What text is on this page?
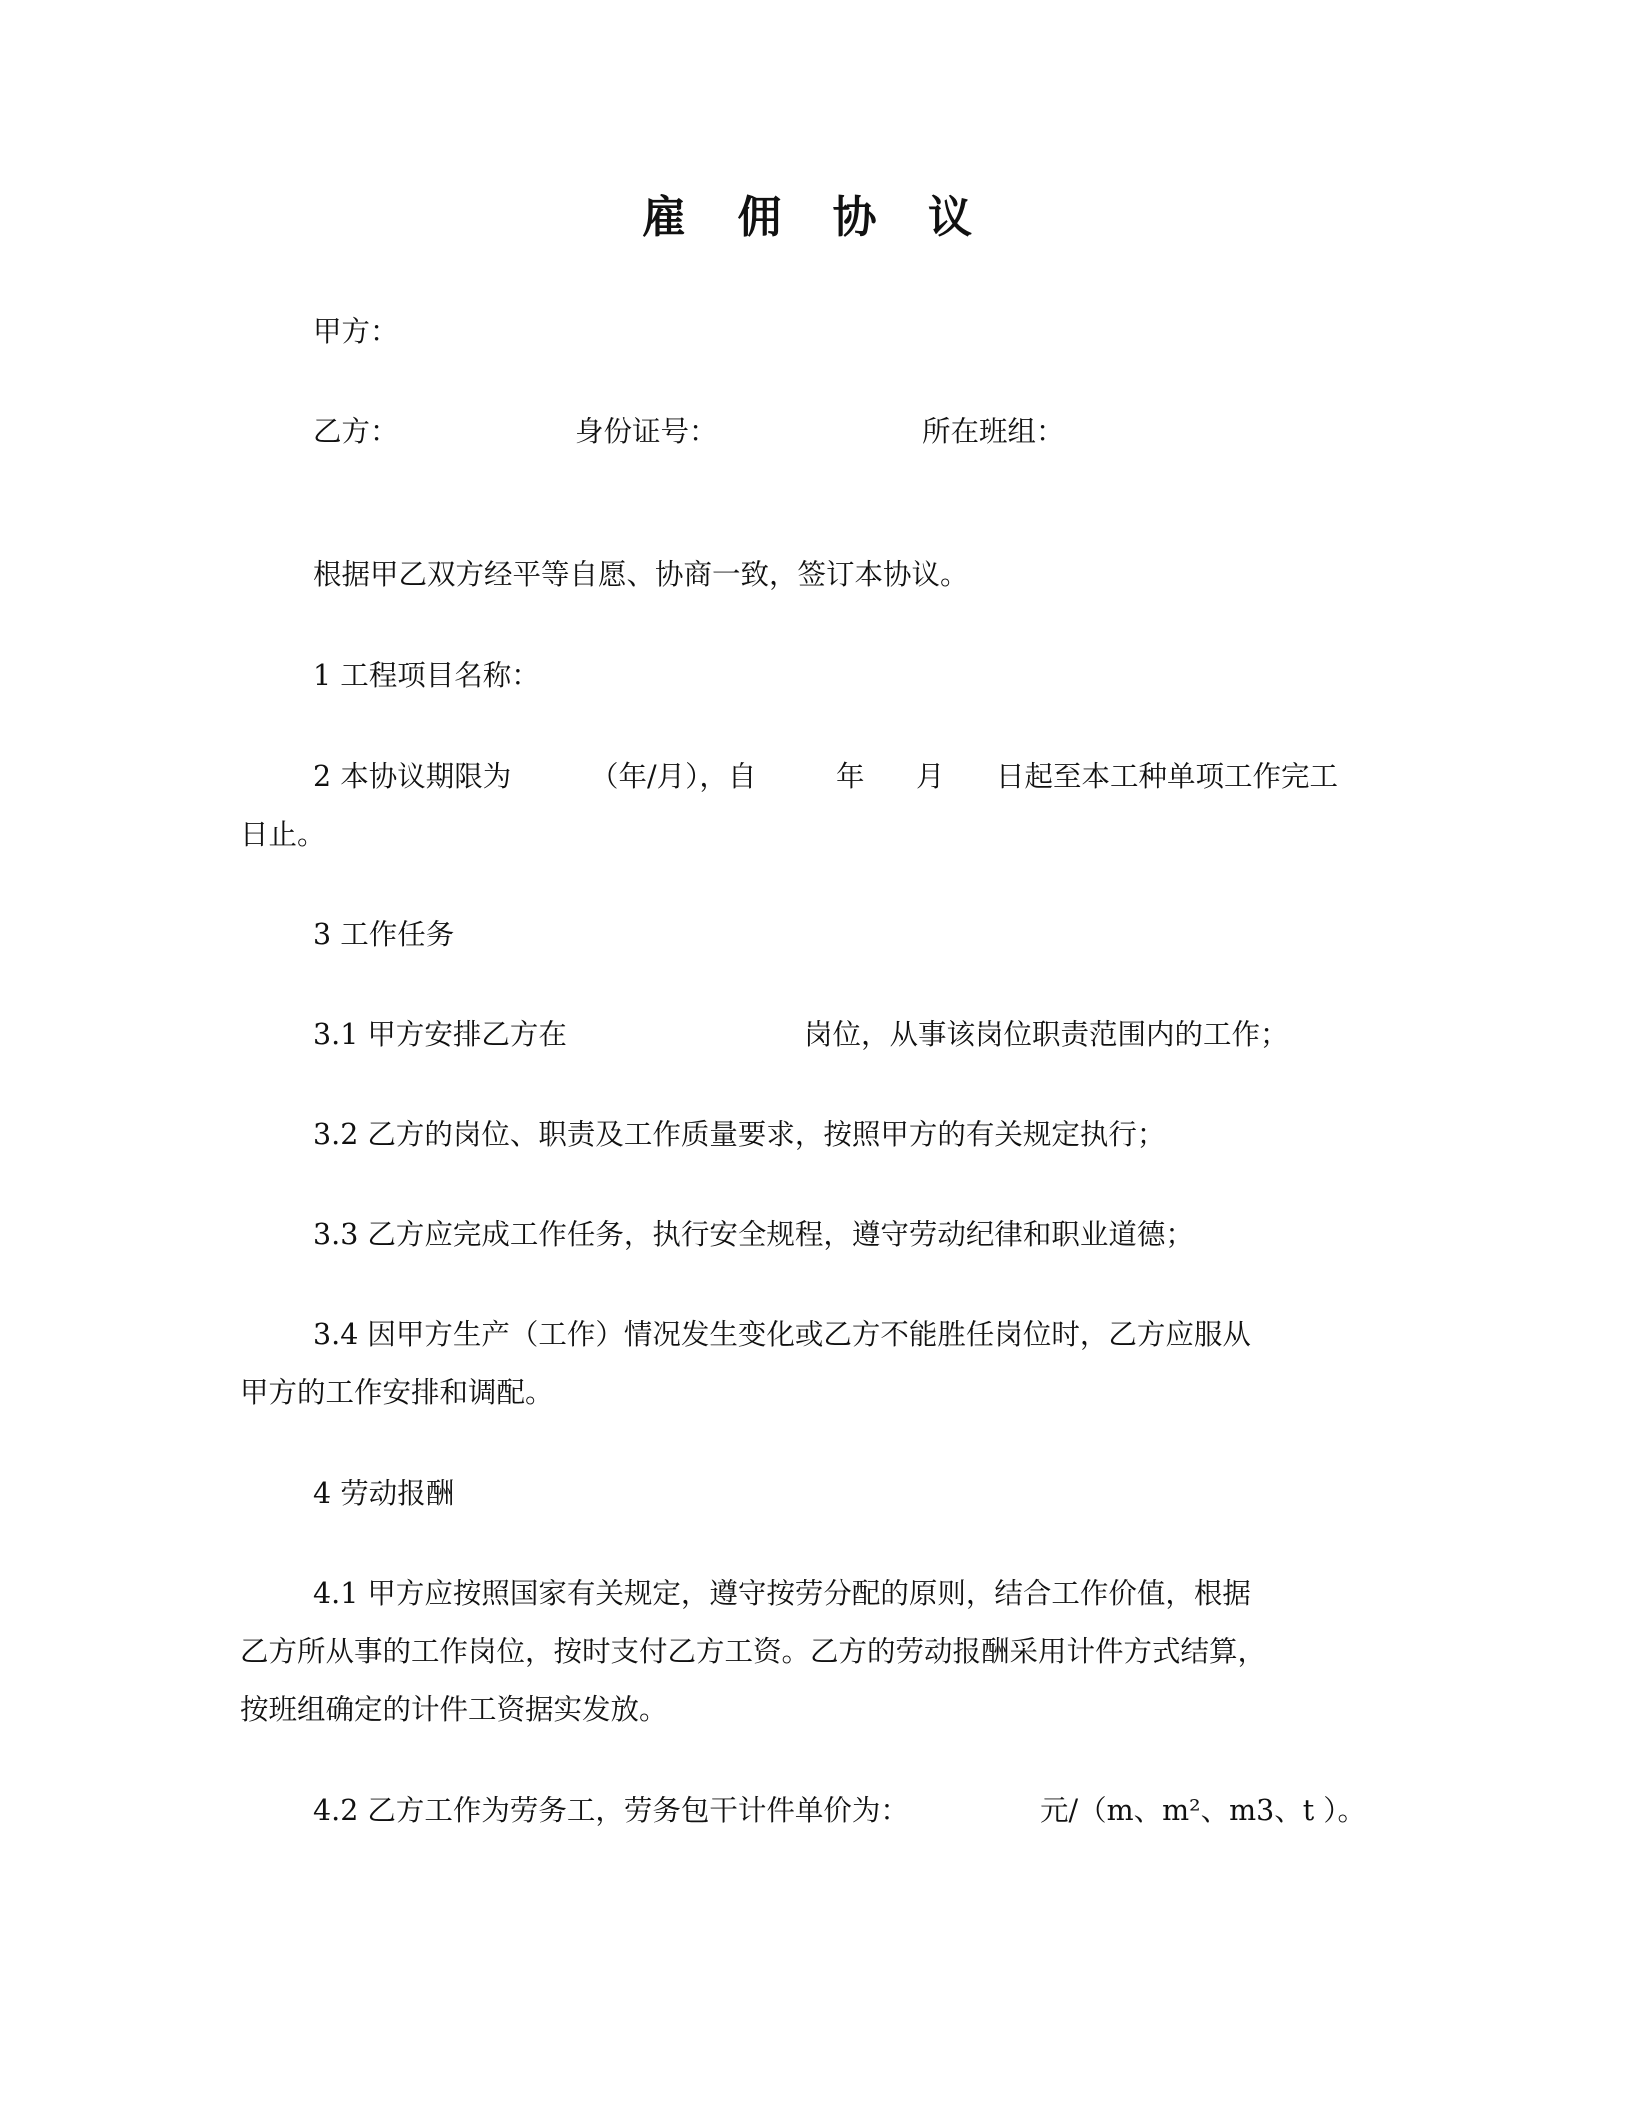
雇 佣 协 议
甲方：
乙方：	身份证号：	所在班组：
根据甲乙双方经平等自愿、协商一致，签订本协议。
1 工程项目名称：
2 本协议期限为	（年/月），自	年 月 日起至本工种单项工作完工
日止。
3 工作任务
3.1 甲方安排乙方在	岗位，从事该岗位职责范围内的工作；
3.2 乙方的岗位、职责及工作质量要求，按照甲方的有关规定执行；
3.3 乙方应完成工作任务，执行安全规程，遵守劳动纪律和职业道德；
3.4 因甲方生产（工作）情况发生变化或乙方不能胜任岗位时，乙方应服从
甲方的工作安排和调配。
4 劳动报酬
4.1 甲方应按照国家有关规定，遵守按劳分配的原则，结合工作价值，根据
乙方所从事的工作岗位，按时支付乙方工资。乙方的劳动报酬采用计件方式结算，
按班组确定的计件工资据实发放。
4.2 乙方工作为劳务工，劳务包干计件单价为：	元/（m、m²、m3、t ）。
